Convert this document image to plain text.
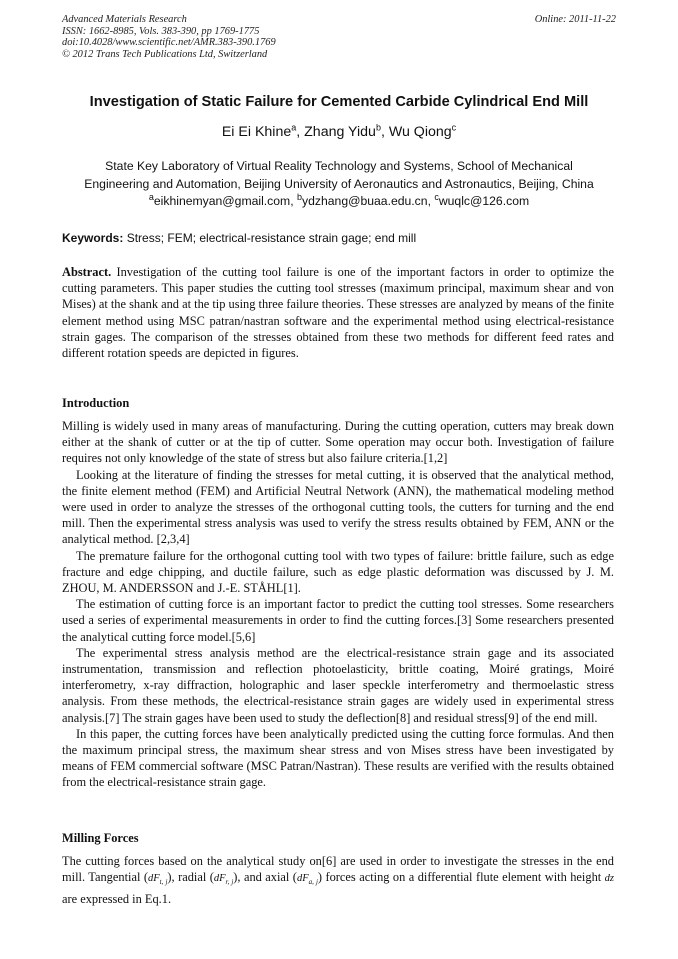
Advanced Materials Research	Online: 2011-11-22
ISSN: 1662-8985, Vols. 383-390, pp 1769-1775
doi:10.4028/www.scientific.net/AMR.383-390.1769
© 2012 Trans Tech Publications Ltd, Switzerland
Investigation of Static Failure for Cemented Carbide Cylindrical End Mill
Ei Ei Khine$^a$, Zhang Yidu$^b$, Wu Qiong$^c$
State Key Laboratory of Virtual Reality Technology and Systems, School of Mechanical
Engineering and Automation, Beijing University of Aeronautics and Astronautics, Beijing, China
$^a$eikhinemyan@gmail.com, $^b$ydzhang@buaa.edu.cn, $^c$wuqlc@126.com
Keywords: Stress; FEM; electrical-resistance strain gage; end mill
Abstract. Investigation of the cutting tool failure is one of the important factors in order to optimize the cutting parameters. This paper studies the cutting tool stresses (maximum principal, maximum shear and von Mises) at the shank and at the tip using three failure theories. These stresses are analyzed by means of the finite element method using MSC patran/nastran software and the experimental method using electrical-resistance strain gages. The comparison of the stresses obtained from these two methods for different feed rates and different rotation speeds are depicted in figures.
Introduction

Milling is widely used in many areas of manufacturing. During the cutting operation, cutters may break down either at the shank of cutter or at the tip of cutter. Some operation may occur both. Investigation of failure requires not only knowledge of the state of stress but also failure criteria.[1,2]

Looking at the literature of finding the stresses for metal cutting, it is observed that the analytical method, the finite element method (FEM) and Artificial Neutral Network (ANN), the mathematical modeling method were used in order to analyze the stresses of the orthogonal cutting tools, the cutters for turning and the end mill. Then the experimental stress analysis was used to verify the stress results obtained by FEM, ANN or the analytical method. [2,3,4]

The premature failure for the orthogonal cutting tool with two types of failure: brittle failure, such as edge fracture and edge chipping, and ductile failure, such as edge plastic deformation was discussed by J. M. ZHOU, M. ANDERSSON and J.-E. STÅHL[1].

The estimation of cutting force is an important factor to predict the cutting tool stresses. Some researchers used a series of experimental measurements in order to find the cutting forces.[3] Some researchers presented the analytical cutting force model.[5,6]

The experimental stress analysis method are the electrical-resistance strain gage and its associated instrumentation, transmission and reflection photoelasticity, brittle coating, Moiré gratings, Moiré interferometry, x-ray diffraction, holographic and laser speckle interferometry and thermoelastic stress analysis. From these methods, the electrical-resistance strain gages are widely used in experimental stress analysis.[7] The strain gages have been used to study the deflection[8] and residual stress[9] of the end mill.

In this paper, the cutting forces have been analytically predicted using the cutting force formulas. And then the maximum principal stress, the maximum shear stress and von Mises stress have been investigated by means of FEM commercial software (MSC Patran/Nastran). These results are verified with the results obtained from the electrical-resistance strain gage.

Milling Forces
The cutting forces based on the analytical study on[6] are used in order to investigate the stresses in the end mill. Tangential $(dF_{t, j})$, radial $(dF_{r, j})$, and axial $(dF_{a, j})$ forces acting on a differential flute element with height dz are expressed in Eq.1.
